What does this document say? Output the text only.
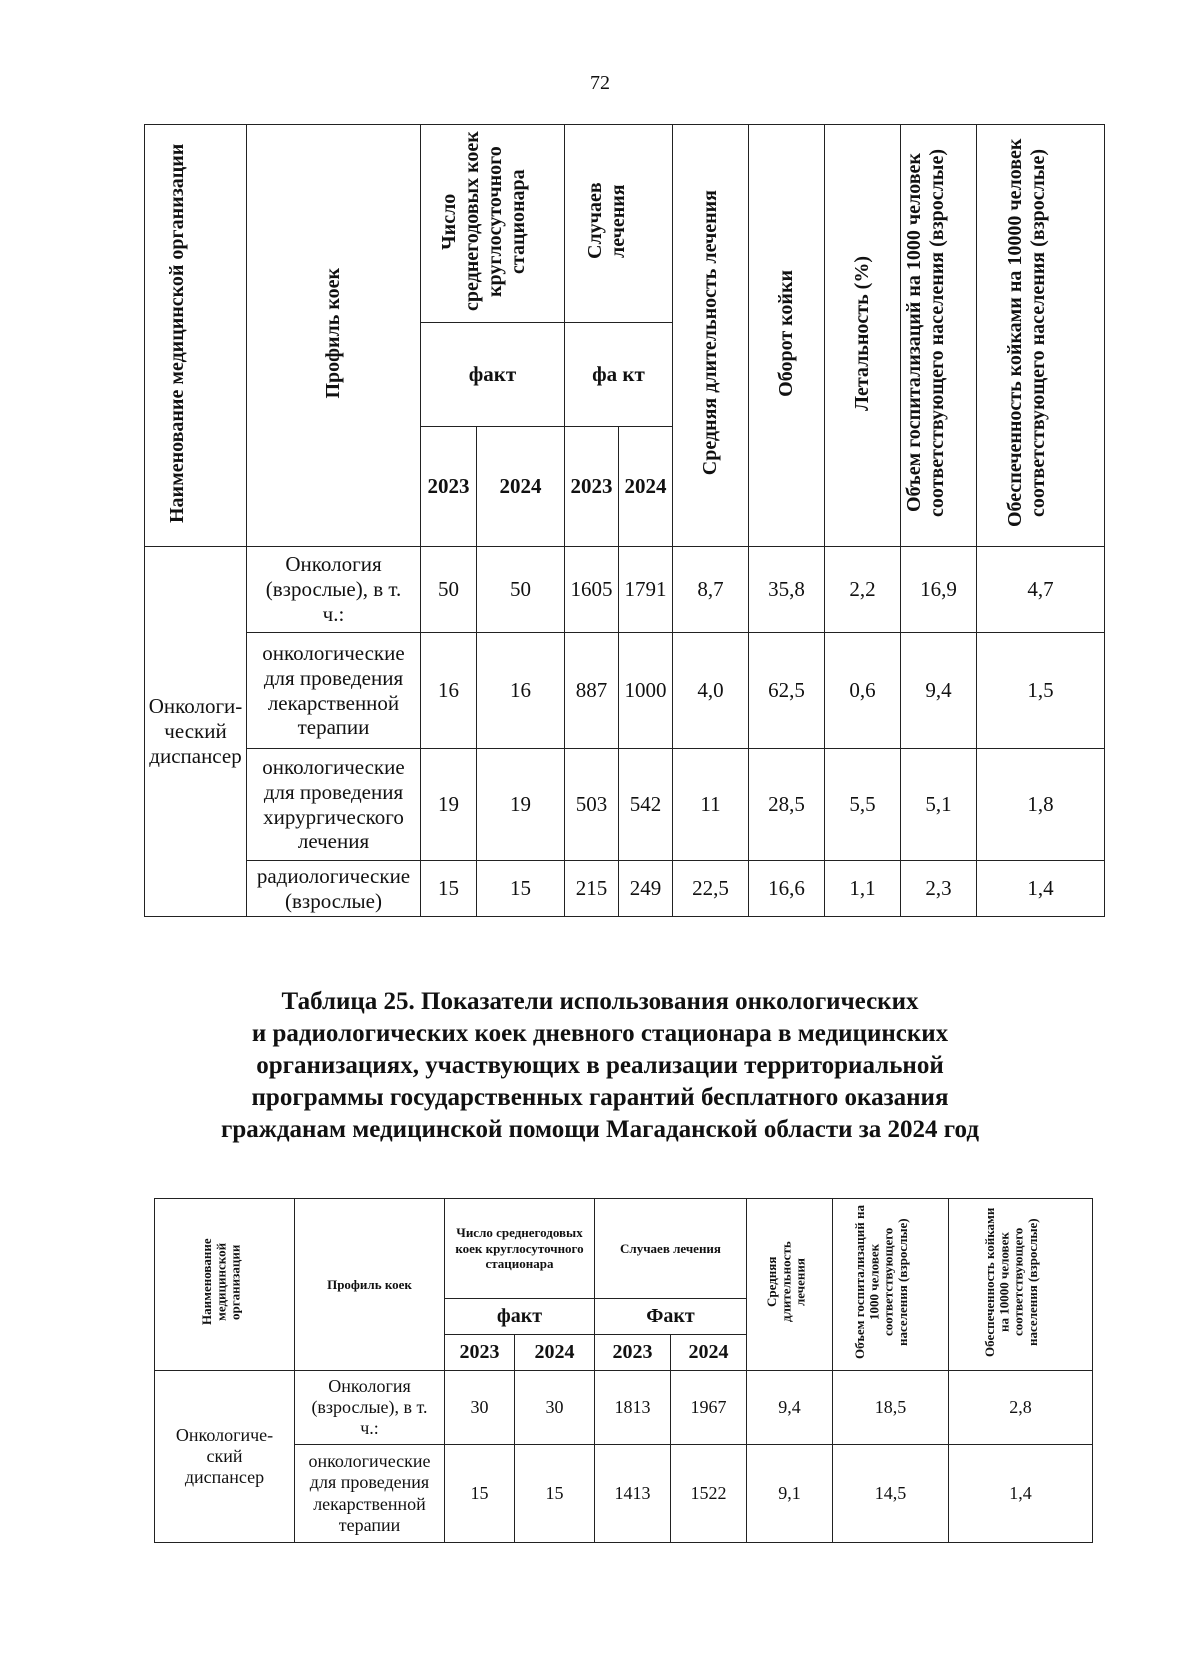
72
Наименование медицинской организации	Профиль коек	Число среднегодовых коек круглосуточного стационара		Случаев лечения		Средняя длительность лечения	Оборот койки	Летальность (%)	Объем госпитализаций на 1000 человек соответствующего населения (взрослые)	Обеспеченность койками на 10000 человек соответствующего населения (взрослые)
		факт		фа кт						
		2023	2024	2023	2024					
Онкологи- ческий диспансер	Онкология (взрослые), в т. ч.:	50	50	1605	1791	8,7	35,8	2,2	16,9	4,7
	онкологические для проведения лекарственной терапии	16	16	887	1000	4,0	62,5	0,6	9,4	1,5
	онкологические для проведения хирургического лечения	19	19	503	542	11	28,5	5,5	5,1	1,8
	радиологические (взрослые)	15	15	215	249	22,5	16,6	1,1	2,3	1,4
Таблица 25. Показатели использования онкологических
и радиологических коек дневного стационара в медицинских
организациях, участвующих в реализации территориальной
программы государственных гарантий бесплатного оказания
гражданам медицинской помощи Магаданской области за 2024 год
Наименование медицинской организации	Профиль коек	Число среднегодовых коек круглосуточного стационара		Случаев лечения		Средняя длительность лечения	Объем госпитализаций на 1000 человек соответствующего населения (взрослые)	Обеспеченность койками на 10000 человек соответствующего населения (взрослые)
		факт		Факт				
		2023	2024	2023	2024			
Онкологиче- ский диспансер	Онкология (взрослые), в т. ч.:	30	30	1813	1967	9,4	18,5	2,8
	онкологические для проведения лекарственной терапии	15	15	1413	1522	9,1	14,5	1,4
